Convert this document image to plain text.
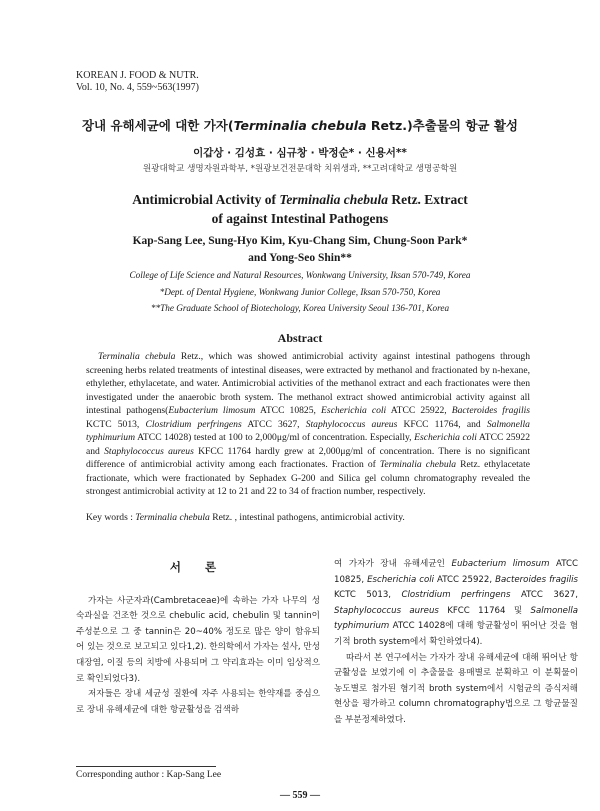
KOREAN J. FOOD & NUTR.
Vol. 10, No. 4, 559~563(1997)
장내 유해세균에 대한 가자(Terminalia chebula Retz.)추출물의 항균 활성
이갑상 · 김성효 · 심규창 · 박정순* · 신용서**
원광대학교 생명자원과학부, *원광보건전문대학 치위생과, **고려대학교 생명공학원
Antimicrobial Activity of Terminalia chebula Retz. Extract
of against Intestinal Pathogens
Kap-Sang Lee, Sung-Hyo Kim, Kyu-Chang Sim, Chung-Soon Park*
and Yong-Seo Shin**
College of Life Science and Natural Resources, Wonkwang University, Iksan 570-749, Korea
*Dept. of Dental Hygiene, Wonkwang Junior College, Iksan 570-750, Korea
**The Graduate School of Biotechology, Korea University Seoul 136-701, Korea
Abstract
Terminalia chebula Retz., which was showed antimicrobial activity against intestinal pathogens through screening herbs related treatments of intestinal diseases, were extracted by methanol and fractionated by n-hexane, ethylether, ethylacetate, and water. Antimicrobial activities of the methanol extract and each fractionates were then investigated under the anaerobic broth system. The methanol extract showed antimicrobial activity against all intestinal pathogens(Eubacterium limosum ATCC 10825, Escherichia coli ATCC 25922, Bacteroides fragilis KCTC 5013, Clostridium perfringens ATCC 3627, Staphylococcus aureus KFCC 11764, and Salmonella typhimurium ATCC 14028) tested at 100 to 2,000μg/ml of concentration. Especially, Escherichia coli ATCC 25922 and Staphylococcus aureus KFCC 11764 hardly grew at 2,000μg/ml of concentration. There is no significant difference of antimicrobial activity among each fractionates. Fraction of Terminalia chebula Retz. ethylacetate fractionate, which were fractionated by Sephadex G-200 and Silica gel column chromatography revealed the strongest antimicrobial activity at 12 to 21 and 22 to 34 of fraction number, respectively.
Key words : Terminalia chebula Retz. , intestinal pathogens, antimicrobial activity.

서 론

가자는 사군자과(Cambretaceae)에 속하는 가자 나무의 성숙과실을 건조한 것으로 chebulic acid, chebulin 및 tannin이 주성분으로 그 중 tannin은 20~40% 정도로 많은 양이 함유되어 있는 것으로 보고되고 있다1,2). 한의학에서 가자는 설사, 만성대장염, 이질 등의 치방에 사용되며 그 약리효과는 이미 임상적으로 확인되었다3).

저자들은 장내 세균성 질환에 자주 사용되는 한약재를 중심으로 장내 유해세균에 대한 항균활성을 검색하

여 가자가 장내 유해세균인 Eubacterium limosum ATCC 10825, Escherichia coli ATCC 25922, Bacteroides fragilis KCTC 5013, Clostridium perfringens ATCC 3627, Staphylococcus aureus KFCC 11764 및 Salmonella typhimurium ATCC 14028에 대해 항균활성이 뛰어난 것을 혐기적 broth system에서 확인하였다4).

따라서 본 연구에서는 가자가 장내 유해세균에 대해 뛰어난 항균활성을 보였기에 이 추출물을 용매별로 분획하고 이 분획물이 농도별로 첨가된 혐기적 broth system에서 시험균의 증식저해현상을 평가하고 column chromatography법으로 그 항균물질을 부분정제하였다.

Corresponding author : Kap-Sang Lee
― 559 ―
